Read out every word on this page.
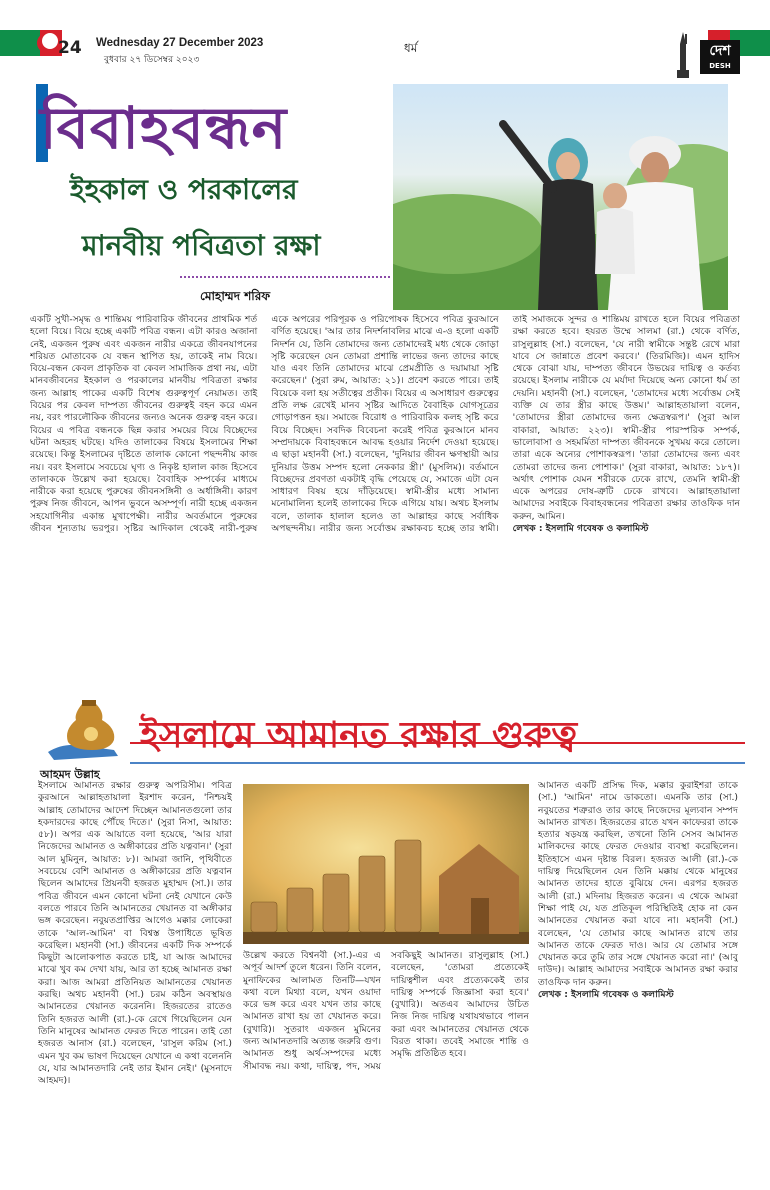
24 Wednesday 27 December 2023
বুধবার ২৭ ডিসেম্বর ২০২৩
ধর্ম	দেশ
DESH
বিবাহবন্ধন
ইহকাল ও পরকালের
মানবীয় পবিত্রতা রক্ষা
মোহাম্মদ শরিফ

একটি সুখী-সমৃদ্ধ ও শান্তিময় পারিবারিক জীবনের প্রাথমিক শর্ত হলো বিয়ে। বিয়ে হচ্ছে একটি পবিত্র বন্ধন। এটা কারও অজানা নেই, একজন পুরুষ এবং একজন নারীর একত্রে জীবনযাপনের শরিয়ত মোতাবেক যে বন্ধন স্থাপিত হয়, তাকেই নাম বিয়ে। বিয়ে-বন্ধন কেবল প্রাকৃতিক বা কেবল সামাজিক প্রথা নয়, এটা মানবজীবনের ইহকাল ও পরকালের মানবীয় পবিত্রতা রক্ষার জন্য আল্লাহ পাকের একটি বিশেষ গুরুত্বপূর্ণ নেয়ামত। তাই বিয়ের পর কেবল দাম্পত্য জীবনের গুরুত্বই বহন করে এমন নয়, বরং পারলৌকিক জীবনের জন্যও অনেক গুরুত্ব বহন করে। বিয়ের এ পবিত্র বন্ধনকে ছিন্ন করার সময়ের বিয়ে বিচ্ছেদের ঘটনা অহরহ ঘটছে। যদিও তালাকের বিষয়ে ইসলামের শিক্ষা রয়েছে। কিন্তু ইসলামের দৃষ্টিতে তালাক কোনো পছন্দনীয় কাজ নয়। বরং ইসলামে সবচেয়ে ঘৃণ্য ও নিকৃষ্ট হালাল কাজ হিসেবে তালাককে উল্লেখ করা হয়েছে। বৈবাহিক সম্পর্কের মাধ্যমে নারীকে করা হয়েছে পুরুষের জীবনসঙ্গিনী ও অর্ধাঙ্গিনী। কারণ পুরুষ নিজ জীবনে, আপন ভুবনে অসম্পূর্ণ। নারী হচ্ছে একজন সহযোগিনীর একান্ত মুখাপেক্ষী। নারীর অবর্তমানে পুরুষের জীবন শূন্যতায় ভরপুর। সৃষ্টির আদিকাল থেকেই নারী-পুরুষ একে অপরের পরিপূরক ও পরিপোষক হিসেবে পবিত্র কুরআনে বর্ণিত হয়েছে। 'আর তার নিদর্শনাবলির মাঝে এ-ও হলো একটি নিদর্শন যে, তিনি তোমাদের জন্য তোমাদেরই মধ্য থেকে জোড়া সৃষ্টি করেছেন যেন তোমরা প্রশান্তি লাভের জন্য তাদের কাছে যাও এবং তিনি তোমাদের মাঝে প্রেমপ্রীতি ও দয়ামায়া সৃষ্টি করেছেন।' (সুরা রুম, আয়াত: ২১)। প্রবেশ করতে পারে। তাই বিয়েকে বলা হয় সতীত্বের প্রতীক। বিয়ের এ অসাধারণ গুরুত্বের প্রতি লক্ষ রেখেই মানব সৃষ্টির আদিতে বৈবাহিক যোগসূত্রের গোড়াপত্তন হয়। সমাজে বিরোধ ও পারিবারিক কলহ সৃষ্টি করে বিয়ে বিচ্ছেদ। সবদিক বিবেচনা করেই পবিত্র কুরআনে মানব সম্প্রদায়কে বিবাহবন্ধনে আবদ্ধ হওয়ার নির্দেশ দেওয়া হয়েছে। এ ছাড়া মহানবী (সা.) বলেছেন, 'দুনিয়ার জীবন ক্ষণস্থায়ী আর দুনিয়ার উত্তম সম্পদ হলো নেককার স্ত্রী।' (মুসলিম)। বর্তমানে বিচ্ছেদের প্রবণতা একটাই বৃদ্ধি পেয়েছে যে, সমাজে এটা যেন সাধারণ বিষয় হয়ে দাঁড়িয়েছে। স্বামী-স্ত্রীর মধ্যে সামান্য মনোমালিন্য হলেই তালাকের দিকে এগিয়ে যায়। অথচ ইসলাম বলে, তালাক হালাল হলেও তা আল্লাহর কাছে সর্বাধিক অপছন্দনীয়। নারীর জন্য সর্বোত্তম রক্ষাকবচ হচ্ছে তার স্বামী। তাই সমাজকে সুন্দর ও শান্তিময় রাখতে হলে বিয়ের পবিত্রতা রক্ষা করতে হবে। হযরত উম্মে সালমা (রা.) থেকে বর্ণিত, রাসুলুল্লাহ (সা.) বলেছেন, 'যে নারী স্বামীকে সন্তুষ্ট রেখে মারা যাবে সে জান্নাতে প্রবেশ করবে।' (তিরমিজি)। এমন হাদিস থেকে বোঝা যায়, দাম্পত্য জীবনে উভয়ের দায়িত্ব ও কর্তব্য রয়েছে। ইসলাম নারীকে যে মর্যাদা দিয়েছে অন্য কোনো ধর্ম তা দেয়নি। মহানবী (সা.) বলেছেন, 'তোমাদের মধ্যে সর্বোত্তম সেই ব্যক্তি যে তার স্ত্রীর কাছে উত্তম।' আল্লাহতায়ালা বলেন, 'তোমাদের স্ত্রীরা তোমাদের জন্য ক্ষেত্রস্বরূপ।' (সুরা আল বাকারা, আয়াত: ২২৩)। স্বামী-স্ত্রীর পারস্পরিক সম্পর্ক, ভালোবাসা ও সহমর্মিতা দাম্পত্য জীবনকে সুখময় করে তোলে। তারা একে অন্যের পোশাকস্বরূপ। 'তারা তোমাদের জন্য এবং তোমরা তাদের জন্য পোশাক।' (সুরা বাকারা, আয়াত: ১৮৭)। অর্থাৎ পোশাক যেমন শরীরকে ঢেকে রাখে, তেমনি স্বামী-স্ত্রী একে অপরের দোষ-ত্রুটি ঢেকে রাখবে। আল্লাহতায়ালা আমাদের সবাইকে বিবাহবন্ধনের পবিত্রতা রক্ষার তাওফিক দান করুন, আমিন।

লেখক : ইসলামি গবেষক ও কলামিস্ট

ইসলামে আমানত রক্ষার গুরুত্ব
আহমদ উল্লাহ

ইসলামে আমানত রক্ষার গুরুত্ব অপরিসীম। পবিত্র কুরআনে আল্লাহতায়ালা ইরশাদ করেন, 'নিশ্চয়ই আল্লাহ তোমাদের আদেশ দিচ্ছেন আমানতগুলো তার হকদারদের কাছে পৌঁছে দিতে।' (সুরা নিসা, আয়াত: ৫৮)। অপর এক আয়াতে বলা হয়েছে, 'আর যারা নিজেদের আমানত ও অঙ্গীকারের প্রতি যত্নবান।' (সুরা আল মুমিনুন, আয়াত: ৮)। আমরা জানি, পৃথিবীতে সবচেয়ে বেশি আমানত ও অঙ্গীকারের প্রতি যত্নবান ছিলেন আমাদের প্রিয়নবী হজরত মুহাম্মদ (সা.)। তার পবিত্র জীবনে এমন কোনো ঘটনা নেই যেখানে কেউ বলতে পারবে তিনি আমানতের খেয়ানত বা অঙ্গীকার ভঙ্গ করেছেন। নবুয়তপ্রাপ্তির আগেও মক্কার লোকেরা তাকে 'আল-আমিন' বা বিশ্বস্ত উপাধিতে ভূষিত করেছিল। মহানবী (সা.) জীবনের একটি দিক সম্পর্কে কিছুটা আলোকপাত করতে চাই, যা আজ আমাদের মাঝে খুব কম দেখা যায়, আর তা হচ্ছে আমানত রক্ষা করা। আজ আমরা প্রতিনিয়ত আমানতের খেয়ানত করছি। অথচ মহানবী (সা.) চরম কঠিন অবস্থায়ও আমানতের খেয়ানত করেননি। হিজরতের রাতেও তিনি হজরত আলী (রা.)-কে রেখে গিয়েছিলেন যেন তিনি মানুষের আমানত ফেরত দিতে পারেন। তাই তো হজরত আনাস (রা.) বলেছেন, 'রাসুল করিম (সা.) এমন খুব কম ভাষণ দিয়েছেন যেখানে এ কথা বলেননি যে, যার আমানতদারি নেই তার ইমান নেই।' (মুসনাদে আহমদ)।

উল্লেখ করতে বিশ্বনবী (সা.)-এর এ অপূর্ব আদর্শ তুলে ধরেন। তিনি বলেন, মুনাফিকের আলামত তিনটি—যখন কথা বলে মিথ্যা বলে, যখন ওয়াদা করে ভঙ্গ করে এবং যখন তার কাছে আমানত রাখা হয় তা খেয়ানত করে। (বুখারি)। সুতরাং একজন মুমিনের জন্য আমানতদারি অত্যন্ত জরুরি গুণ। আমানত শুধু অর্থ-সম্পদের মধ্যে সীমাবদ্ধ নয়। কথা, দায়িত্ব, পদ, সময় সবকিছুই আমানত। রাসুলুল্লাহ (সা.) বলেছেন, 'তোমরা প্রত্যেকেই দায়িত্বশীল এবং প্রত্যেককেই তার দায়িত্ব সম্পর্কে জিজ্ঞাসা করা হবে।' (বুখারি)। অতএব আমাদের উচিত নিজ নিজ দায়িত্ব যথাযথভাবে পালন করা এবং আমানতের খেয়ানত থেকে বিরত থাকা। তবেই সমাজে শান্তি ও সমৃদ্ধি প্রতিষ্ঠিত হবে।

আমানত একটি প্রসিদ্ধ দিক, মক্কার কুরাইশরা তাকে (সা.) 'আমিন' নামে ডাকতো। এমনকি তার (সা.) নবুয়তের শত্রুরাও তার কাছে নিজেদের মূল্যবান সম্পদ আমানত রাখত। হিজরতের রাতে যখন কাফেররা তাকে হত্যার ষড়যন্ত্র করছিল, তখনো তিনি সেসব আমানত মালিকদের কাছে ফেরত দেওয়ার ব্যবস্থা করেছিলেন। ইতিহাসে এমন দৃষ্টান্ত বিরল। হজরত আলী (রা.)-কে দায়িত্ব দিয়েছিলেন যেন তিনি মক্কায় থেকে মানুষের আমানত তাদের হাতে বুঝিয়ে দেন। এরপর হজরত আলী (রা.) মদিনায় হিজরত করেন। এ থেকে আমরা শিক্ষা পাই যে, যত প্রতিকূল পরিস্থিতিই হোক না কেন আমানতের খেয়ানত করা যাবে না। মহানবী (সা.) বলেছেন, 'যে তোমার কাছে আমানত রাখে তার আমানত তাকে ফেরত দাও। আর যে তোমার সঙ্গে খেয়ানত করে তুমি তার সঙ্গে খেয়ানত করো না।' (আবু দাউদ)। আল্লাহ আমাদের সবাইকে আমানত রক্ষা করার তাওফিক দান করুন।

লেখক : ইসলামি গবেষক ও কলামিস্ট
